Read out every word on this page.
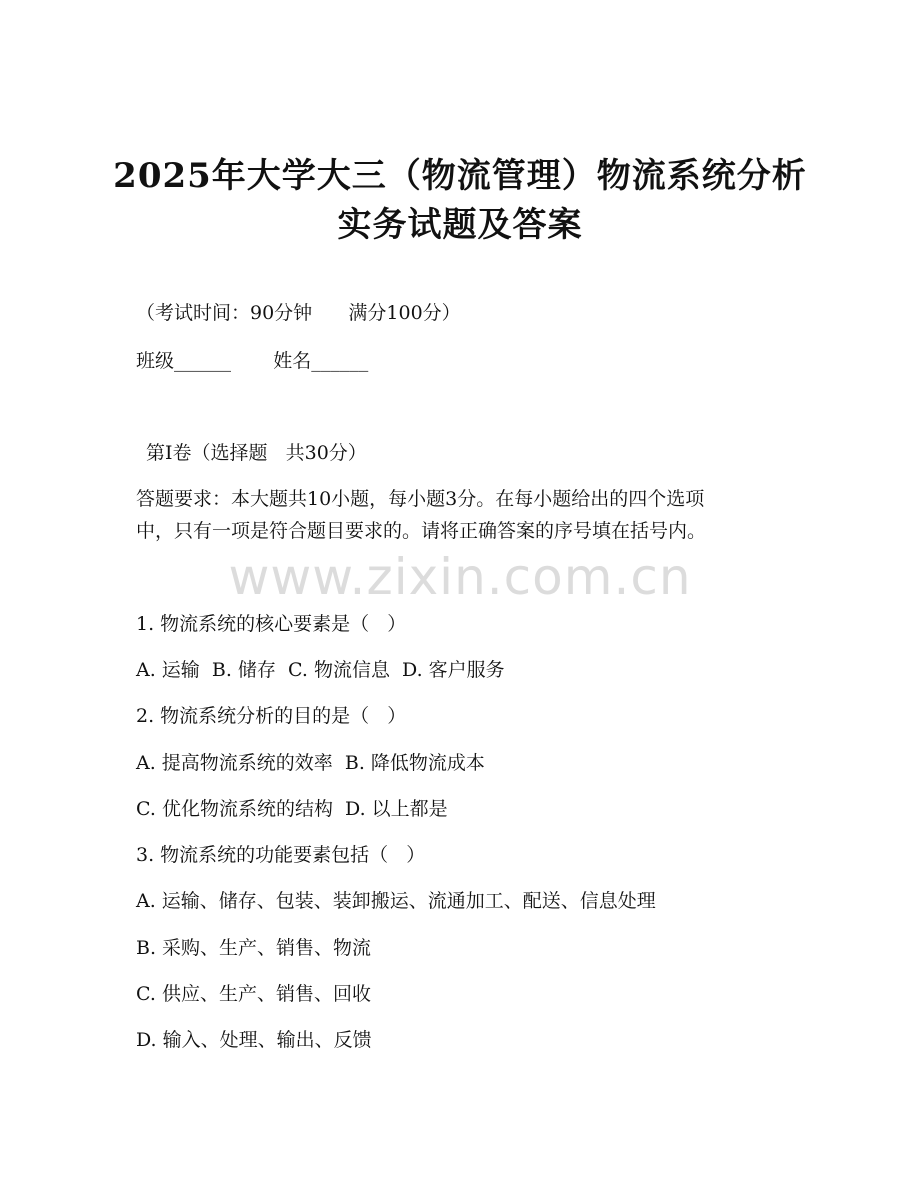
2025年大学大三（物流管理）物流系统分析
实务试题及答案
（考试时间：90分钟      满分100分）
班级______       姓名______
第Ⅰ卷（选择题   共30分）
答题要求：本大题共10小题，每小题3分。在每小题给出的四个选项
中，只有一项是符合题目要求的。请将正确答案的序号填在括号内。
www.zixin.com.cn
1. 物流系统的核心要素是（   ）
A. 运输  B. 储存  C. 物流信息  D. 客户服务
2. 物流系统分析的目的是（   ）
A. 提高物流系统的效率  B. 降低物流成本
C. 优化物流系统的结构  D. 以上都是
3. 物流系统的功能要素包括（   ）
A. 运输、储存、包装、装卸搬运、流通加工、配送、信息处理
B. 采购、生产、销售、物流
C. 供应、生产、销售、回收
D. 输入、处理、输出、反馈
